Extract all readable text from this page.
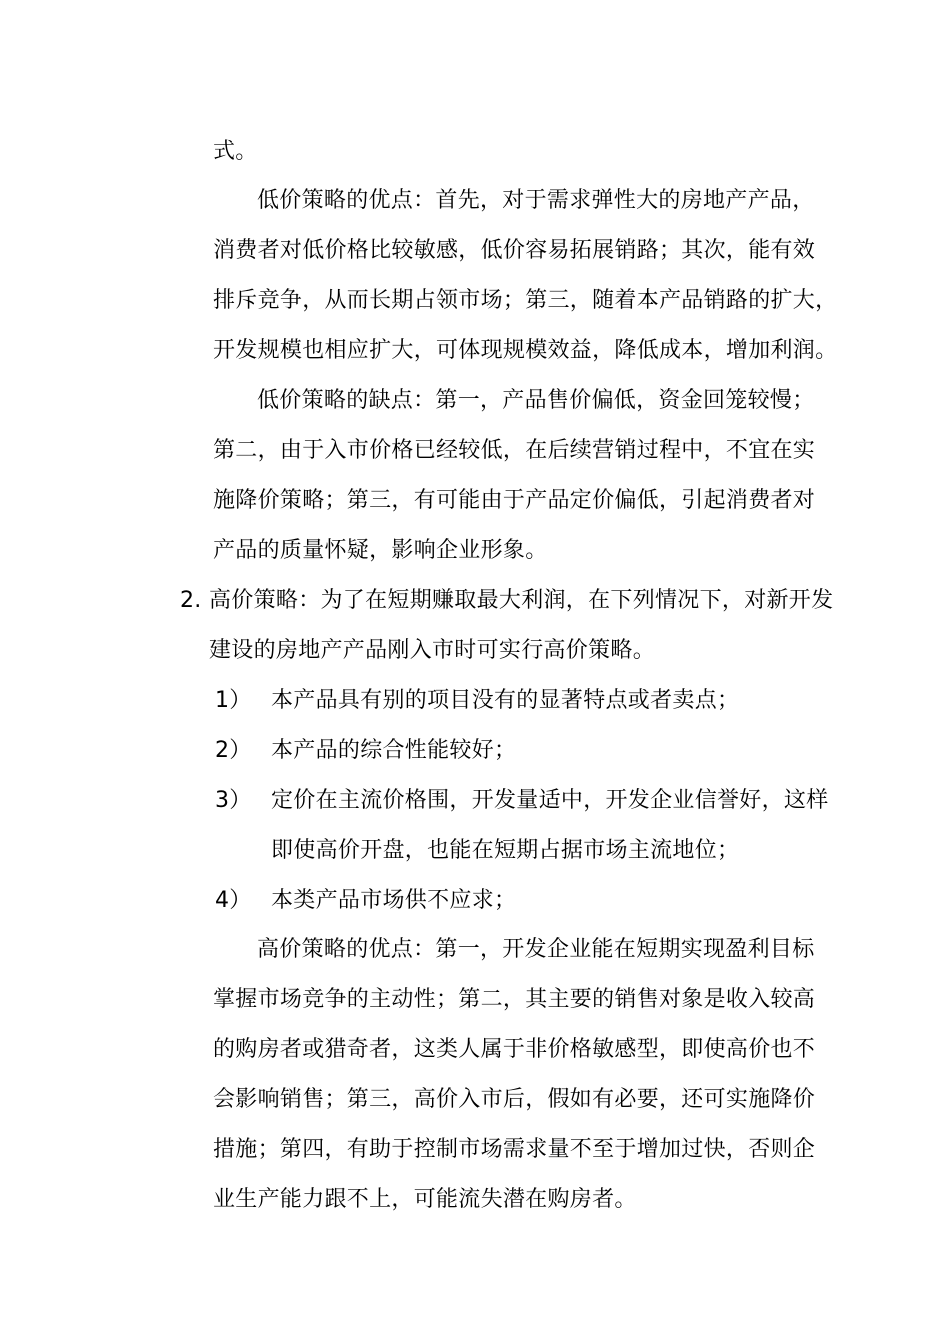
式。
低价策略的优点：首先，对于需求弹性大的房地产产品，
消费者对低价格比较敏感，低价容易拓展销路；其次，能有效
排斥竞争，从而长期占领市场；第三，随着本产品销路的扩大，
开发规模也相应扩大，可体现规模效益，降低成本，增加利润。
低价策略的缺点：第一，产品售价偏低，资金回笼较慢；
第二，由于入市价格已经较低，在后续营销过程中，不宜在实
施降价策略；第三，有可能由于产品定价偏低，引起消费者对
产品的质量怀疑，影响企业形象。
2. 高价策略：为了在短期赚取最大利润，在下列情况下，对新开发
建设的房地产产品刚入市时可实行高价策略。
1） 本产品具有别的项目没有的显著特点或者卖点；
2） 本产品的综合性能较好；
3） 定价在主流价格围，开发量适中，开发企业信誉好，这样
即使高价开盘，也能在短期占据市场主流地位；
4） 本类产品市场供不应求；
高价策略的优点：第一，开发企业能在短期实现盈利目标
掌握市场竞争的主动性；第二，其主要的销售对象是收入较高
的购房者或猎奇者，这类人属于非价格敏感型，即使高价也不
会影响销售；第三，高价入市后，假如有必要，还可实施降价
措施；第四，有助于控制市场需求量不至于增加过快，否则企
业生产能力跟不上，可能流失潜在购房者。
